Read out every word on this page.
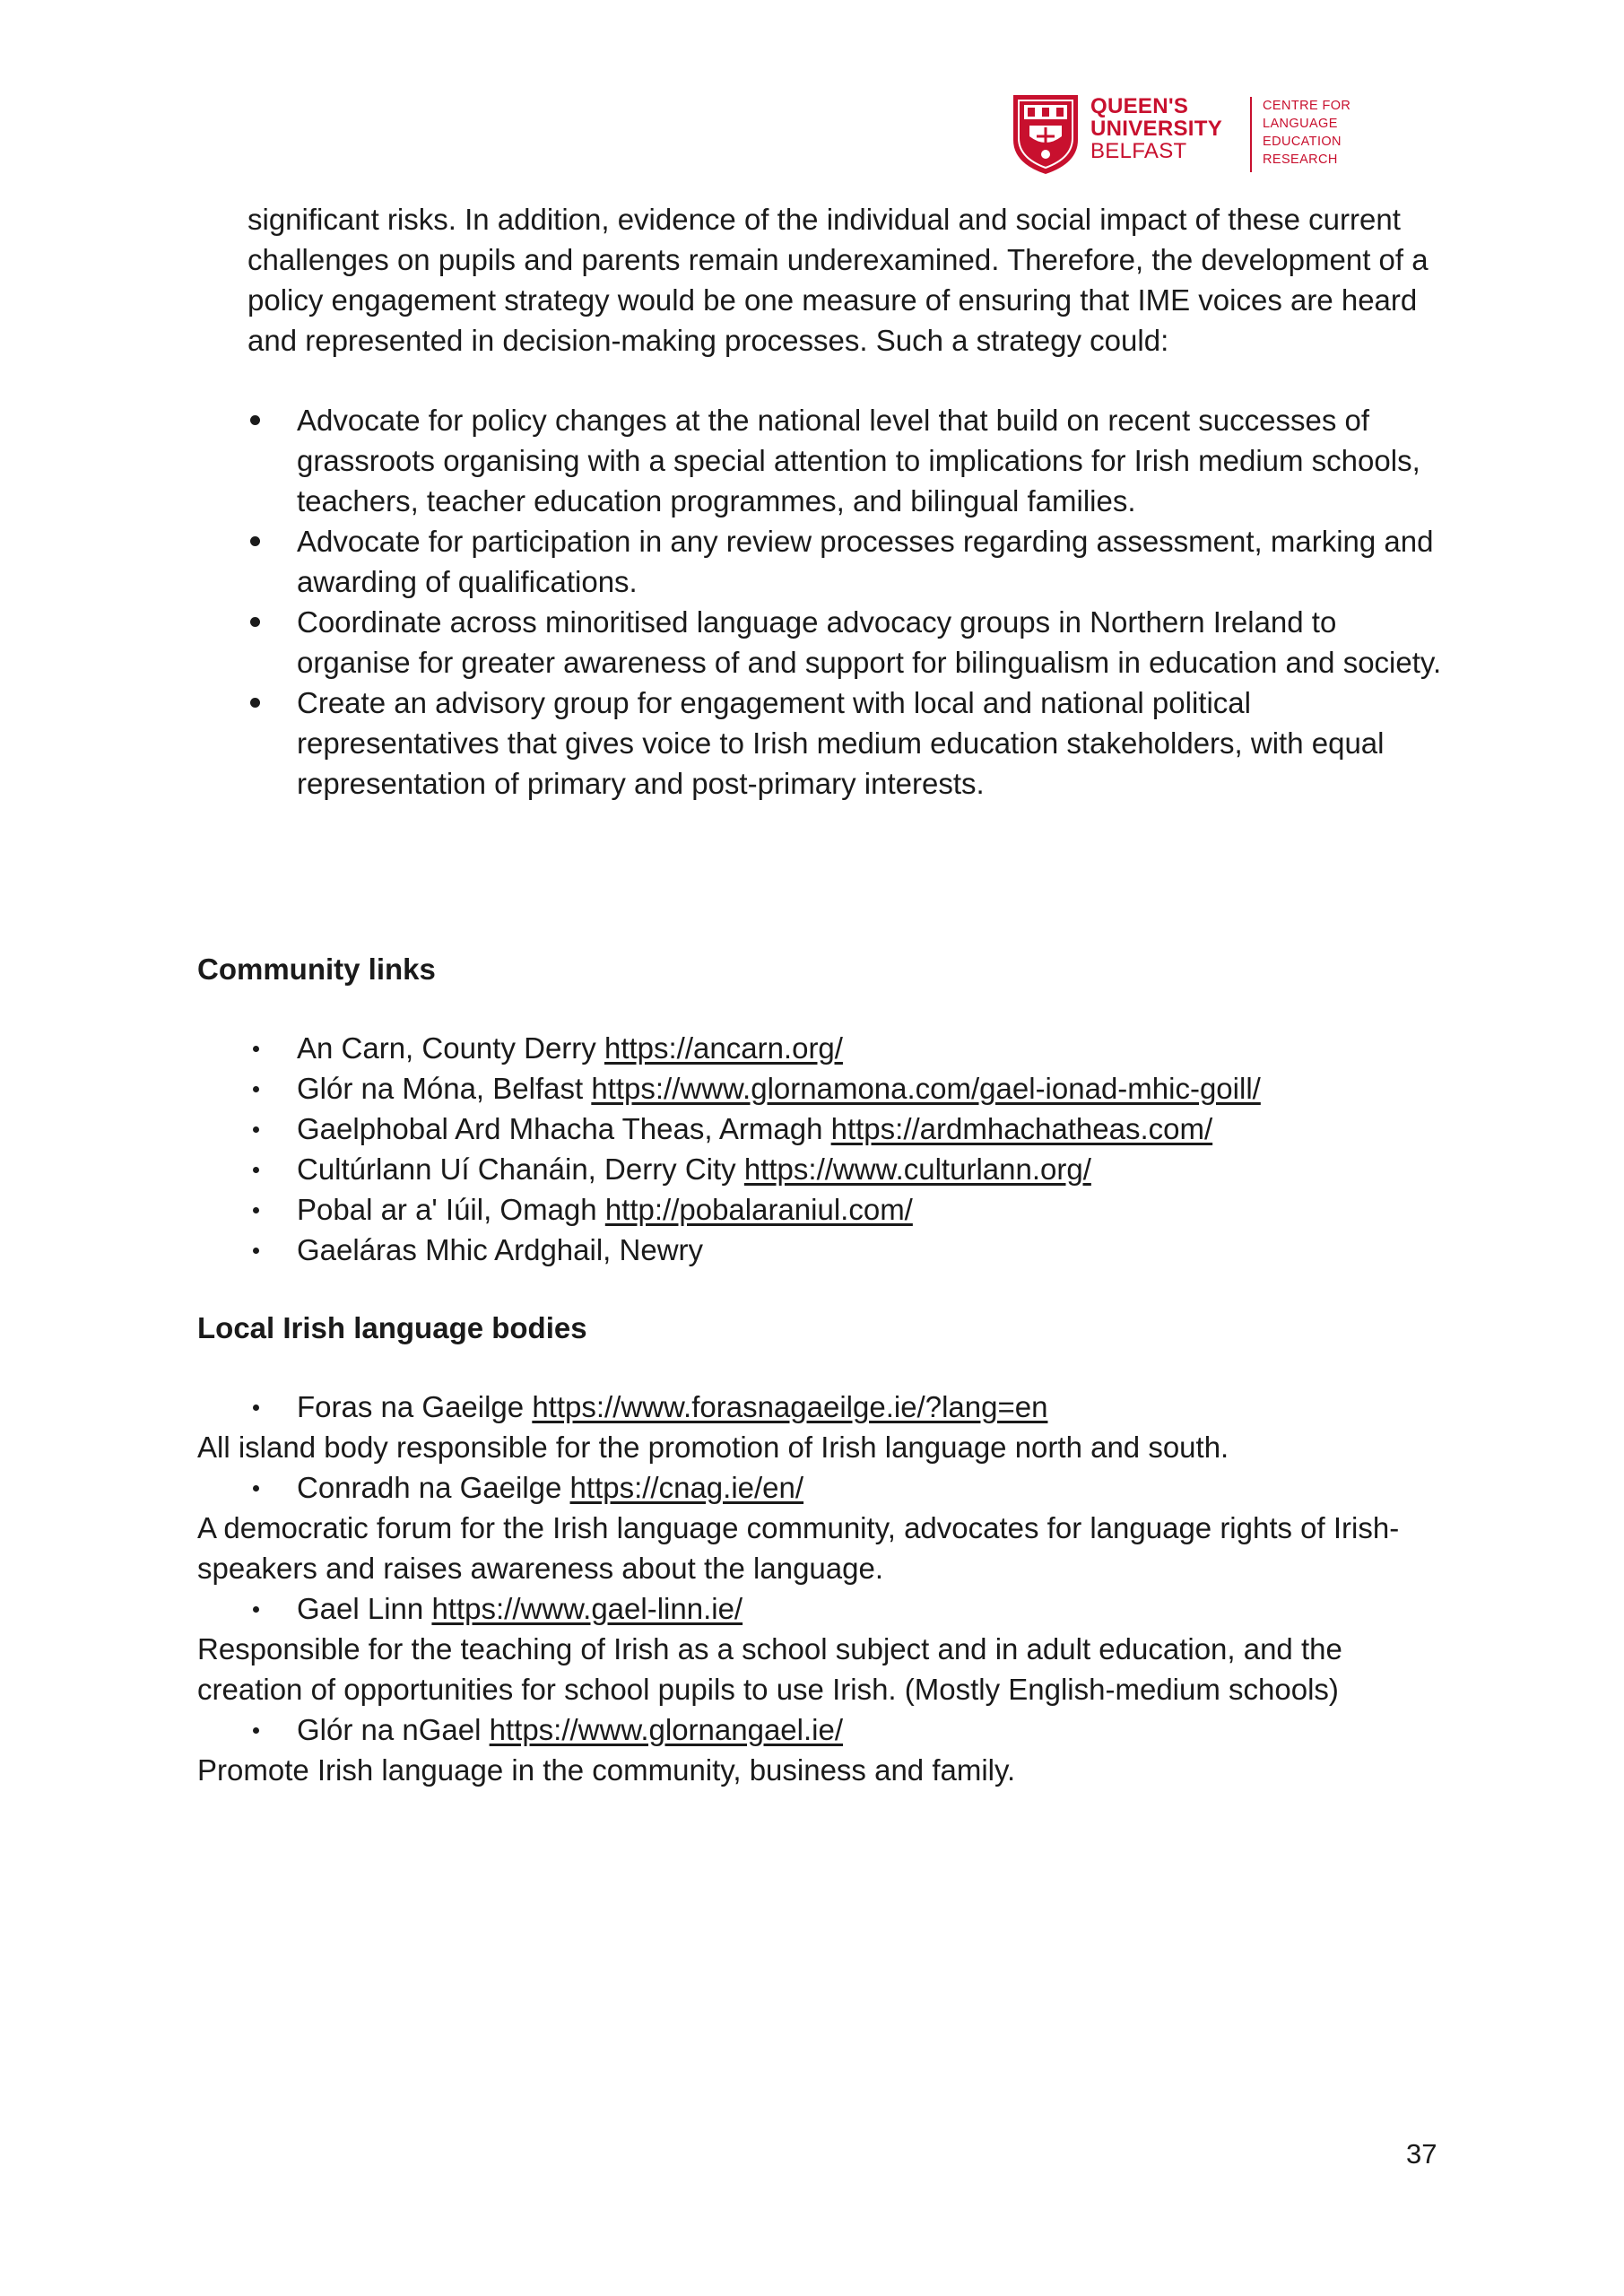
QUEEN'S
UNIVERSITY
BELFAST
CENTRE FOR
LANGUAGE
EDUCATION
RESEARCH

significant risks. In addition, evidence of the individual and social impact of these current challenges on pupils and parents remain underexamined. Therefore, the development of a policy engagement strategy would be one measure of ensuring that IME voices are heard and represented in decision-making processes. Such a strategy could:

Advocate for policy changes at the national level that build on recent successes of grassroots organising with a special attention to implications for Irish medium schools, teachers, teacher education programmes, and bilingual families.
Advocate for participation in any review processes regarding assessment, marking and awarding of qualifications.
Coordinate across minoritised language advocacy groups in Northern Ireland to organise for greater awareness of and support for bilingualism in education and society.
Create an advisory group for engagement with local and national political representatives that gives voice to Irish medium education stakeholders, with equal representation of primary and post-primary interests.
Community links
An Carn, County Derry https://ancarn.org/
Glór na Móna, Belfast https://www.glornamona.com/gael-ionad-mhic-goill/
Gaelphobal Ard Mhacha Theas, Armagh https://ardmhachatheas.com/
Cultúrlann Uí Chanáin, Derry City https://www.culturlann.org/
Pobal ar a' Iúil, Omagh http://pobalaraniul.com/
Gaeláras Mhic Ardghail, Newry
Local Irish language bodies
Foras na Gaeilge https://www.forasnagaeilge.ie/?lang=en
All island body responsible for the promotion of Irish language north and south.
Conradh na Gaeilge https://cnag.ie/en/
A democratic forum for the Irish language community, advocates for language rights of Irish-speakers and raises awareness about the language.
Gael Linn https://www.gael-linn.ie/
Responsible for the teaching of Irish as a school subject and in adult education, and the creation of opportunities for school pupils to use Irish. (Mostly English-medium schools)
Glór na nGael https://www.glornangael.ie/
Promote Irish language in the community, business and family.
37
